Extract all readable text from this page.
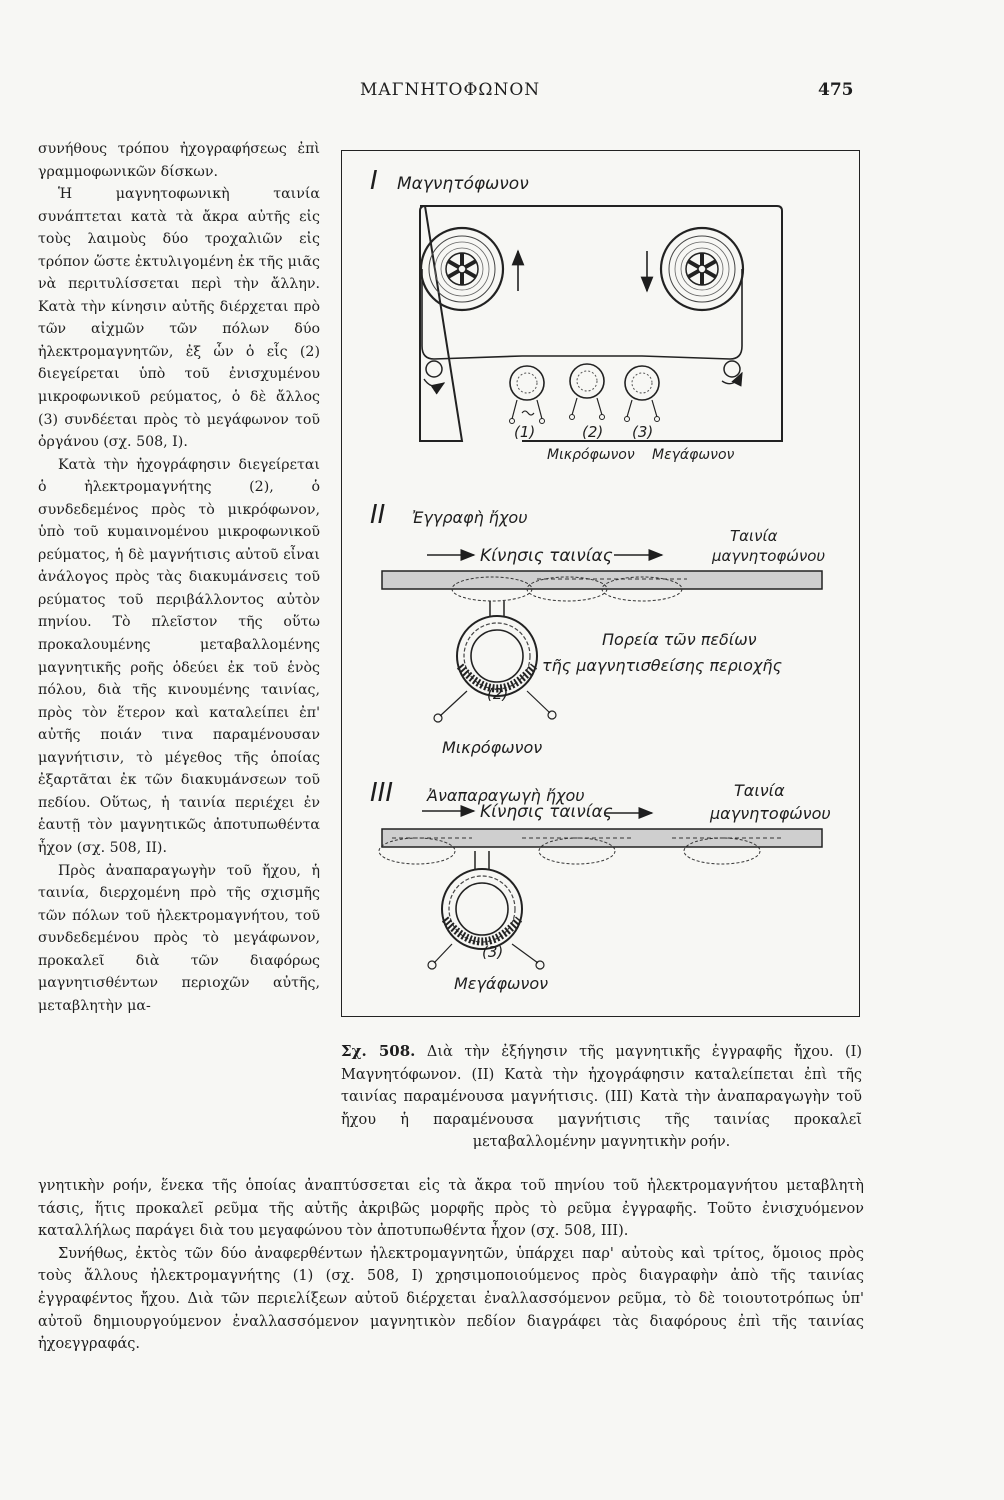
ΜΑΓΝΗΤΟΦΩΝΟΝ	475

συνήθους τρόπου ἠχογραφήσεως ἐπὶ γραμμοφωνικῶν δίσκων.

Ἡ μαγνητοφωνικὴ ταινία συνάπτεται κατὰ τὰ ἄκρα αὐτῆς εἰς τοὺς λαιμοὺς δύο τροχαλιῶν εἰς τρόπον ὥστε ἐκτυλιγομένη ἐκ τῆς μιᾶς νὰ περιτυλίσσεται περὶ τὴν ἄλλην. Κατὰ τὴν κίνησιν αὐτῆς διέρχεται πρὸ τῶν αἰχμῶν τῶν πόλων δύο ἠλεκτρομαγνητῶν, ἐξ ὧν ὁ εἷς (2) διεγείρεται ὑπὸ τοῦ ἐνισχυμένου μικροφωνικοῦ ρεύματος, ὁ δὲ ἄλλος (3) συνδέεται πρὸς τὸ μεγάφωνον τοῦ ὀργάνου (σχ. 508, I).

Κατὰ τὴν ἠχογράφησιν διεγείρεται ὁ ἠλεκτρομαγνήτης (2), ὁ συνδεδεμένος πρὸς τὸ μικρόφωνον, ὑπὸ τοῦ κυμαινομένου μικροφωνικοῦ ρεύματος, ἡ δὲ μαγνήτισις αὐτοῦ εἶναι ἀνάλογος πρὸς τὰς διακυμάνσεις τοῦ ρεύματος τοῦ περιβάλλοντος αὐτὸν πηνίου. Τὸ πλεῖστον τῆς οὕτω προκαλουμένης μεταβαλλομένης μαγνητικῆς ροῆς ὁδεύει ἐκ τοῦ ἑνὸς πόλου, διὰ τῆς κινουμένης ταινίας, πρὸς τὸν ἕτερον καὶ καταλείπει ἐπ' αὐτῆς ποιάν τινα παραμένουσαν μαγνήτισιν, τὸ μέγεθος τῆς ὁποίας ἐξαρτᾶται ἐκ τῶν διακυμάνσεων τοῦ πεδίου. Οὕτως, ἡ ταινία περιέχει ἐν ἑαυτῇ τὸν μαγνητικῶς ἀποτυπωθέντα ἦχον (σχ. 508, II).

Πρὸς ἀναπαραγωγὴν τοῦ ἤχου, ἡ ταινία, διερχομένη πρὸ τῆς σχισμῆς τῶν πόλων τοῦ ἠλεκτρομαγνήτου, τοῦ συνδεδεμένου πρὸς τὸ μεγάφωνον, προκαλεῖ διὰ τῶν διαφόρως μαγνητισθέντων περιοχῶν αὐτῆς, μεταβλητὴν μα-

I Μαγνητόφωνον
(1)	(2) (3)
Μικρόφωνον Μεγάφωνον
II Ἐγγραφὴ ἤχου
Ταινία
μαγνητοφώνου
Κίνησις ταινίας
(2)
Μικρόφωνον
Πορεία τῶν πεδίων
τῆς μαγνητισθείσης περιοχῆς
III Ἀναπαραγωγὴ ἤχου	Ταινία
μαγνητοφώνου
Κίνησις ταινίας
(3)
Μεγάφωνον
Σχ. 508. Διὰ τὴν ἐξήγησιν τῆς μαγνητικῆς ἐγγραφῆς ἤχου. (I) Μαγνητόφωνον. (II) Κατὰ τὴν ἠχογράφησιν καταλείπεται ἐπὶ τῆς ταινίας παραμένουσα μαγνήτισις. (III) Κατὰ τὴν ἀναπαραγωγὴν τοῦ ἤχου ἡ παραμένουσα μαγνήτισις τῆς ταινίας προκαλεῖ μεταβαλλομένην μαγνητικὴν ροήν.

γνητικὴν ροήν, ἕνεκα τῆς ὁποίας ἀναπτύσσεται εἰς τὰ ἄκρα τοῦ πηνίου τοῦ ἠλεκτρομαγνήτου μεταβλητὴ τάσις, ἥτις προκαλεῖ ρεῦμα τῆς αὐτῆς ἀκριβῶς μορφῆς πρὸς τὸ ρεῦμα ἐγγραφῆς. Τοῦτο ἐνισχυόμενον καταλλήλως παράγει διὰ του μεγαφώνου τὸν ἀποτυπωθέντα ἦχον (σχ. 508, III).

Συνήθως, ἐκτὸς τῶν δύο ἀναφερθέντων ἠλεκτρομαγνητῶν, ὑπάρχει παρ' αὐτοὺς καὶ τρίτος, ὅμοιος πρὸς τοὺς ἄλλους ἠλεκτρομαγνήτης (1) (σχ. 508, I) χρησιμοποιούμενος πρὸς διαγραφὴν ἀπὸ τῆς ταινίας ἐγγραφέντος ἤχου. Διὰ τῶν περιελίξεων αὐτοῦ διέρχεται ἐναλλασσόμενον ρεῦμα, τὸ δὲ τοιουτοτρόπως ὑπ' αὐτοῦ δημιουργούμενον ἐναλλασσόμενον μαγνητικὸν πεδίον διαγράφει τὰς διαφόρους ἐπὶ τῆς ταινίας ἠχοεγγραφάς.
